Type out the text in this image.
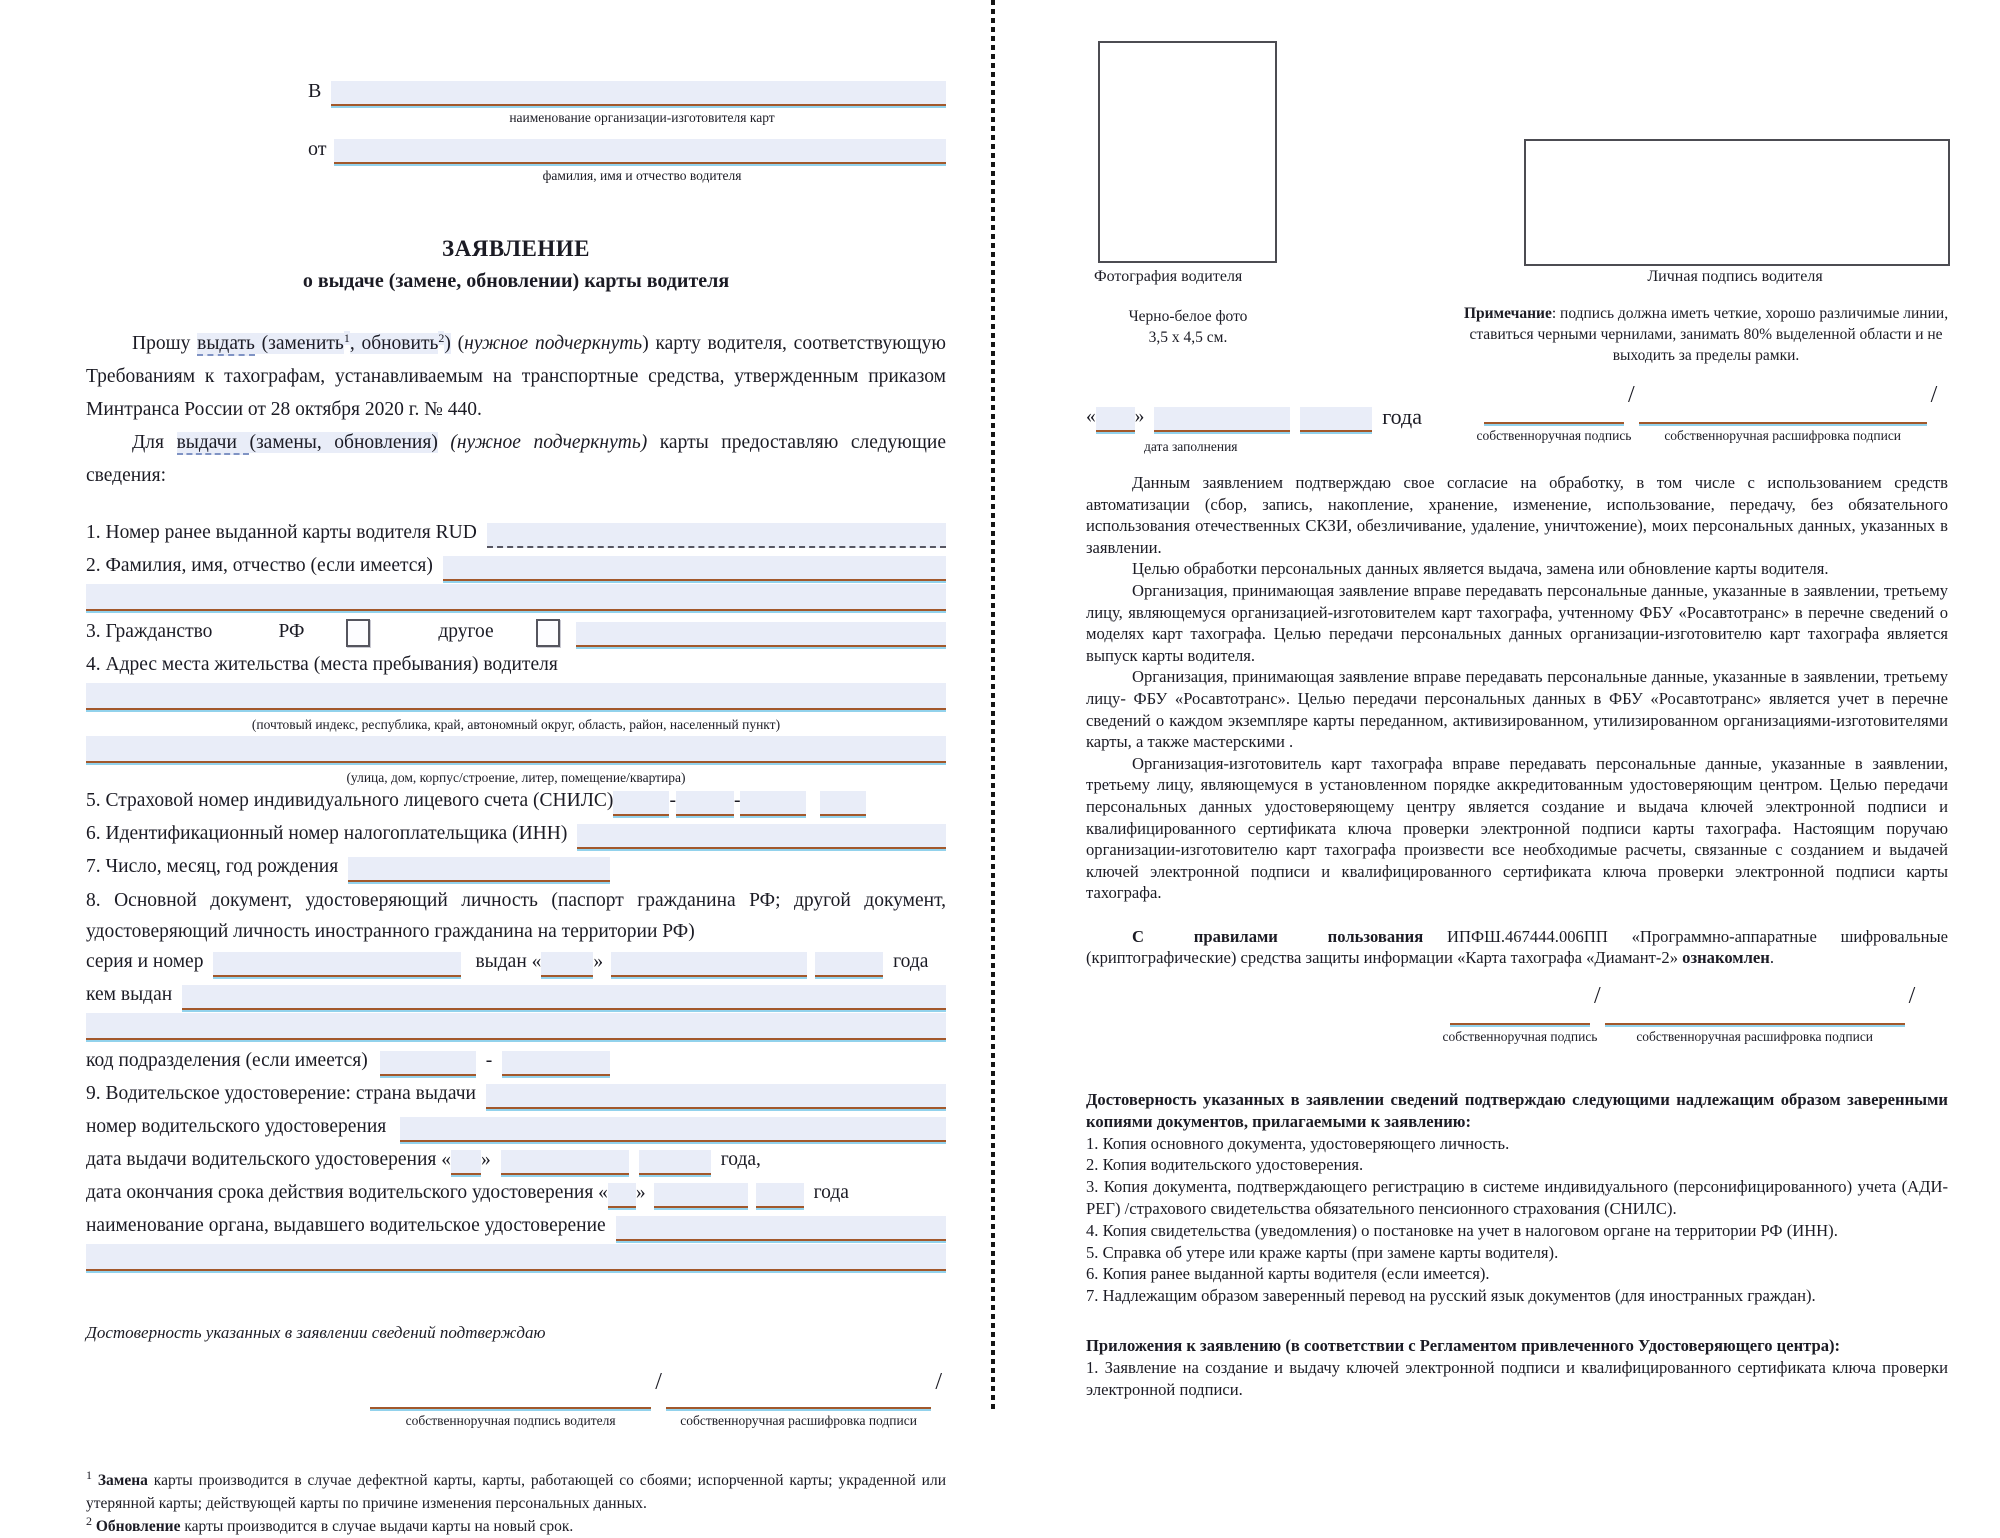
В
наименование организации-изготовителя карт
от
фамилия, имя и отчество водителя
ЗАЯВЛЕНИЕ
о выдаче (замене, обновлении) карты водителя

Прошу выдать (заменить$^1$, обновить$^2$) (нужное подчеркнуть) карту водителя, соответствующую Требованиям к тахографам, устанавливаемым на транспортные средства, утвержденным приказом Минтранса России от 28 октября 2020 г. № 440.

Для выдачи (замены, обновления) (нужное подчеркнуть) карты предоставляю следующие сведения:

1. Номер ранее выданной карты водителя RUD
2. Фамилия, имя, отчество (если имеется)
3. Гражданство	РФ	другое
4. Адрес места жительства (места пребывания) водителя
(почтовый индекс, республика, край, автономный округ, область, район, населенный пункт)
(улица, дом, корпус/строение, литер, помещение/квартира)
5. Страховой номер индивидуального лицевого счета (СНИЛС)	-	-
6. Идентификационный номер налогоплательщика (ИНН)
7. Число, месяц, год рождения
8. Основной документ, удостоверяющий личность (паспорт гражданина РФ; другой документ, удостоверяющий личность иностранного гражданина на территории РФ)
серия и номер	выдан «	»	года
кем выдан
код подразделения (если имеется)	-
9. Водительское удостоверение: страна выдачи
номер водительского удостоверения
дата выдачи водительского удостоверения « »	года,
дата окончания срока действия водительского удостоверения « »	года
наименование органа, выдавшего водительское удостоверение
Достоверность указанных в заявлении сведений подтверждаю
собственноручная подпись водителя
/
собственноручная расшифровка подписи
/
$^1$ Замена карты производится в случае дефектной карты, карты, работающей со сбоями; испорченной карты; украденной или утерянной карты; действующей карты по причине изменения персональных данных.
$^2$ Обновление карты производится в случае выдачи карты на новый срок.
Фотография водителя
Черно-белое фото
3,5 х 4,5 см.
Личная подпись водителя
Примечание: подпись должна иметь четкие, хорошо различимые линии, ставиться черными чернилами, занимать 80% выделенной области и не выходить за пределы рамки.
« »	года
дата заполнения
собственноручная подпись
/
собственноручная расшифровка подписи
/

Данным заявлением подтверждаю свое согласие на обработку, в том числе с использованием средств автоматизации (сбор, запись, накопление, хранение, изменение, использование, передачу, без обязательного использования отечественных СКЗИ, обезличивание, удаление, уничтожение), моих персональных данных, указанных в заявлении.

Целью обработки персональных данных является выдача, замена или обновление карты водителя.

Организация, принимающая заявление вправе передавать персональные данные, указанные в заявлении, третьему лицу, являющемуся организацией-изготовителем карт тахографа, учтенному ФБУ «Росавтотранс» в перечне сведений о моделях карт тахографа. Целью передачи персональных данных организации-изготовителю карт тахографа является выпуск карты водителя.

Организация, принимающая заявление вправе передавать персональные данные, указанные в заявлении, третьему лицу- ФБУ «Росавтотранс». Целью передачи персональных данных в ФБУ «Росавтотранс» является учет в перечне сведений о каждом экземпляре карты переданном, активизированном, утилизированном организациями-изготовителями карты, а также мастерскими .

Организация-изготовитель карт тахографа вправе передавать персональные данные, указанные в заявлении, третьему лицу, являющемуся в установленном порядке аккредитованным удостоверяющим центром. Целью передачи персональных данных удостоверяющему центру является создание и выдача ключей электронной подписи и квалифицированного сертификата ключа проверки электронной подписи карты тахографа. Настоящим поручаю организации-изготовителю карт тахографа произвести все необходимые расчеты, связанные с созданием и выдачей ключей электронной подписи и квалифицированного сертификата ключа проверки электронной подписи карты тахографа.

С правилами пользования ИПФШ.467444.006ПП «Программно-аппаратные шифровальные (криптографические) средства защиты информации «Карта тахографа «Диамант-2» ознакомлен.

собственноручная подпись
/
собственноручная расшифровка подписи
/
Достоверность указанных в заявлении сведений подтверждаю следующими надлежащим образом заверенными копиями документов, прилагаемыми к заявлению:
1. Копия основного документа, удостоверяющего личность.
2. Копия водительского удостоверения.
3. Копия документа, подтверждающего регистрацию в системе индивидуального (персонифицированного) учета (АДИ-РЕГ) /страхового свидетельства обязательного пенсионного страхования (СНИЛС).
4. Копия свидетельства (уведомления) о постановке на учет в налоговом органе на территории РФ (ИНН).
5. Справка об утере или краже карты (при замене карты водителя).
6. Копия ранее выданной карты водителя (если имеется).
7. Надлежащим образом заверенный перевод на русский язык документов (для иностранных граждан).
Приложения к заявлению (в соответствии с Регламентом привлеченного Удостоверяющего центра):
1. Заявление на создание и выдачу ключей электронной подписи и квалифицированного сертификата ключа проверки электронной подписи.
